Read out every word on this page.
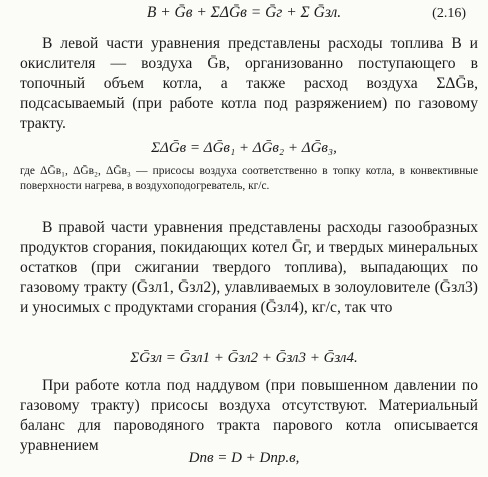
B + Ḡв + ΣΔḠв = Ḡг + Σ Ḡзл.	(2.16)

В левой части уравнения представлены расходы топлива B и окислителя — воздуха Ḡв, организованно поступающего в топочный объем котла, а также расход воздуха ΣΔḠв, подсасываемый (при работе котла под разряжением) по газовому тракту.

ΣΔḠв = ΔḠв₁ + ΔḠв₂ + ΔḠв₃,

где ΔḠв₁, ΔḠв₂, ΔḠв₃ — присосы воздуха соответственно в топку котла, в конвективные поверхности нагрева, в воздухоподогреватель, кг/с.

В правой части уравнения представлены расходы газообразных продуктов сгорания, покидающих котел Ḡг, и твердых минеральных остатков (при сжигании твердого топлива), выпадающих по газовому тракту (Ḡзл1, Ḡзл2), улавливаемых в золоуловителе (Ḡзл3) и уносимых с продуктами сгорания (Ḡзл4), кг/с, так что

ΣḠзл = Ḡзл1 + Ḡзл2 + Ḡзл3 + Ḡзл4.

При работе котла под наддувом (при повышенном давлении по газовому тракту) присосы воздуха отсутствуют. Материальный баланс для пароводяного тракта парового котла описывается уравнением

Dпв = D + Dпр.в,
